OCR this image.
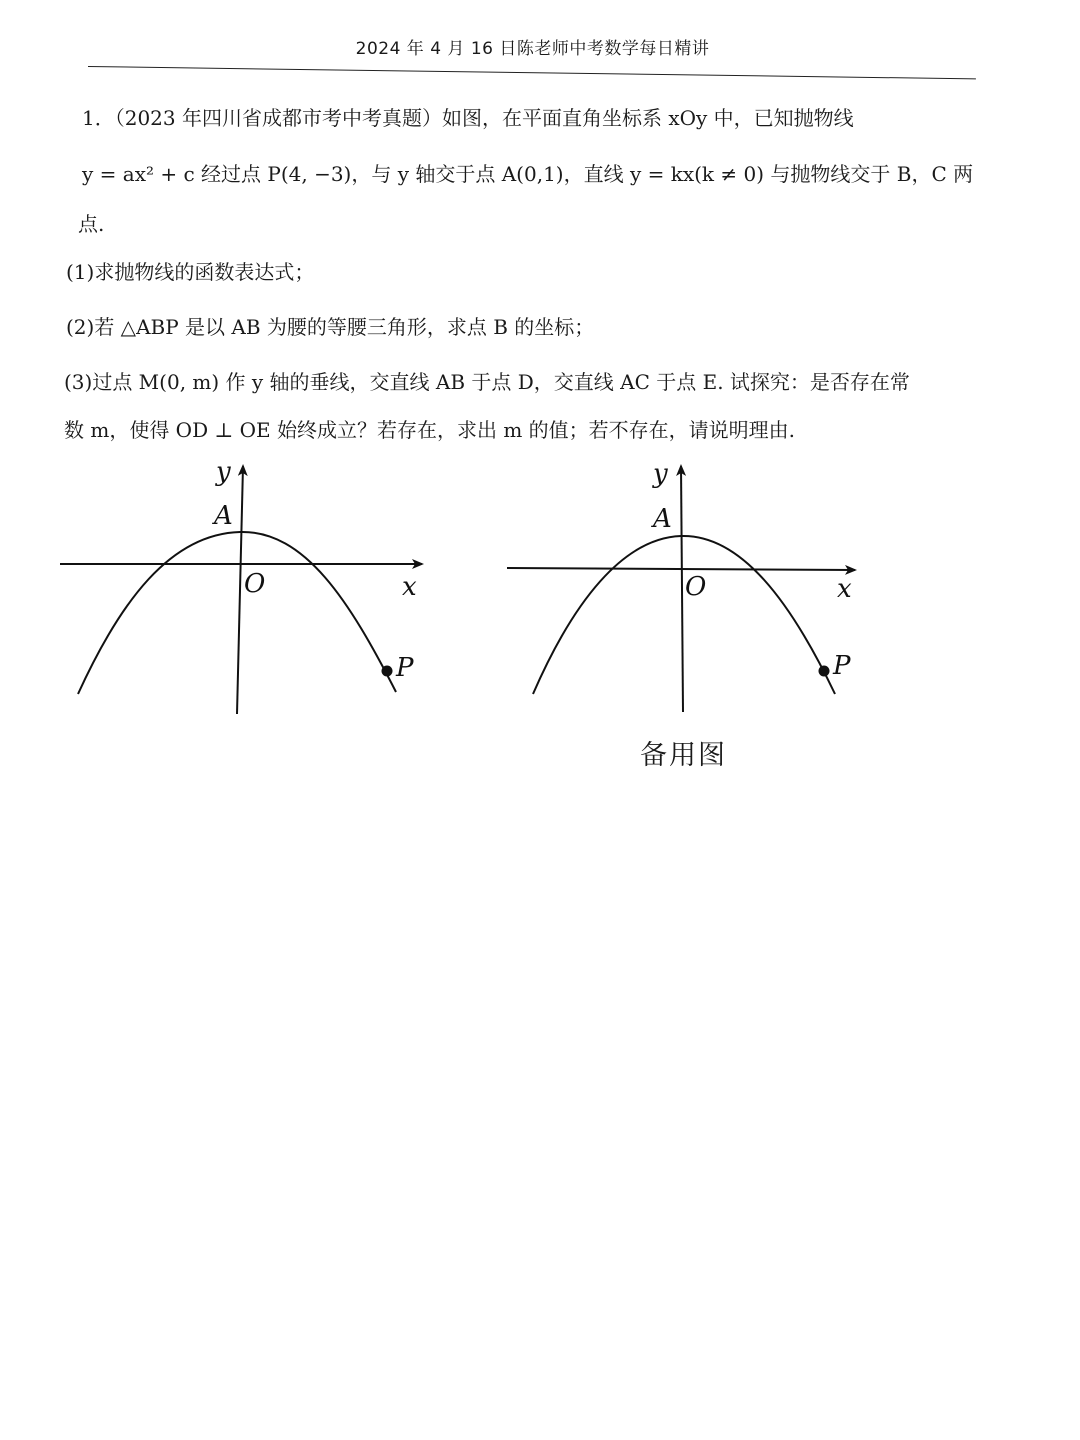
2024 年 4 月 16 日陈老师中考数学每日精讲
1．（2023 年四川省成都市考中考真题）如图，在平面直角坐标系 xOy 中，已知抛物线
y = ax² + c 经过点 P(4, −3)，与 y 轴交于点 A(0,1)，直线 y = kx(k ≠ 0) 与抛物线交于 B，C 两
点.
(1)求抛物线的函数表达式；
(2)若 △ABP 是以 AB 为腰的等腰三角形，求点 B 的坐标；
(3)过点 M(0, m) 作 y 轴的垂线，交直线 AB 于点 D，交直线 AC 于点 E. 试探究：是否存在常
数 m，使得 OD ⊥ OE 始终成立？若存在，求出 m 的值；若不存在，请说明理由.
y
A
O	x
P
y
A
O	x
P
备用图
